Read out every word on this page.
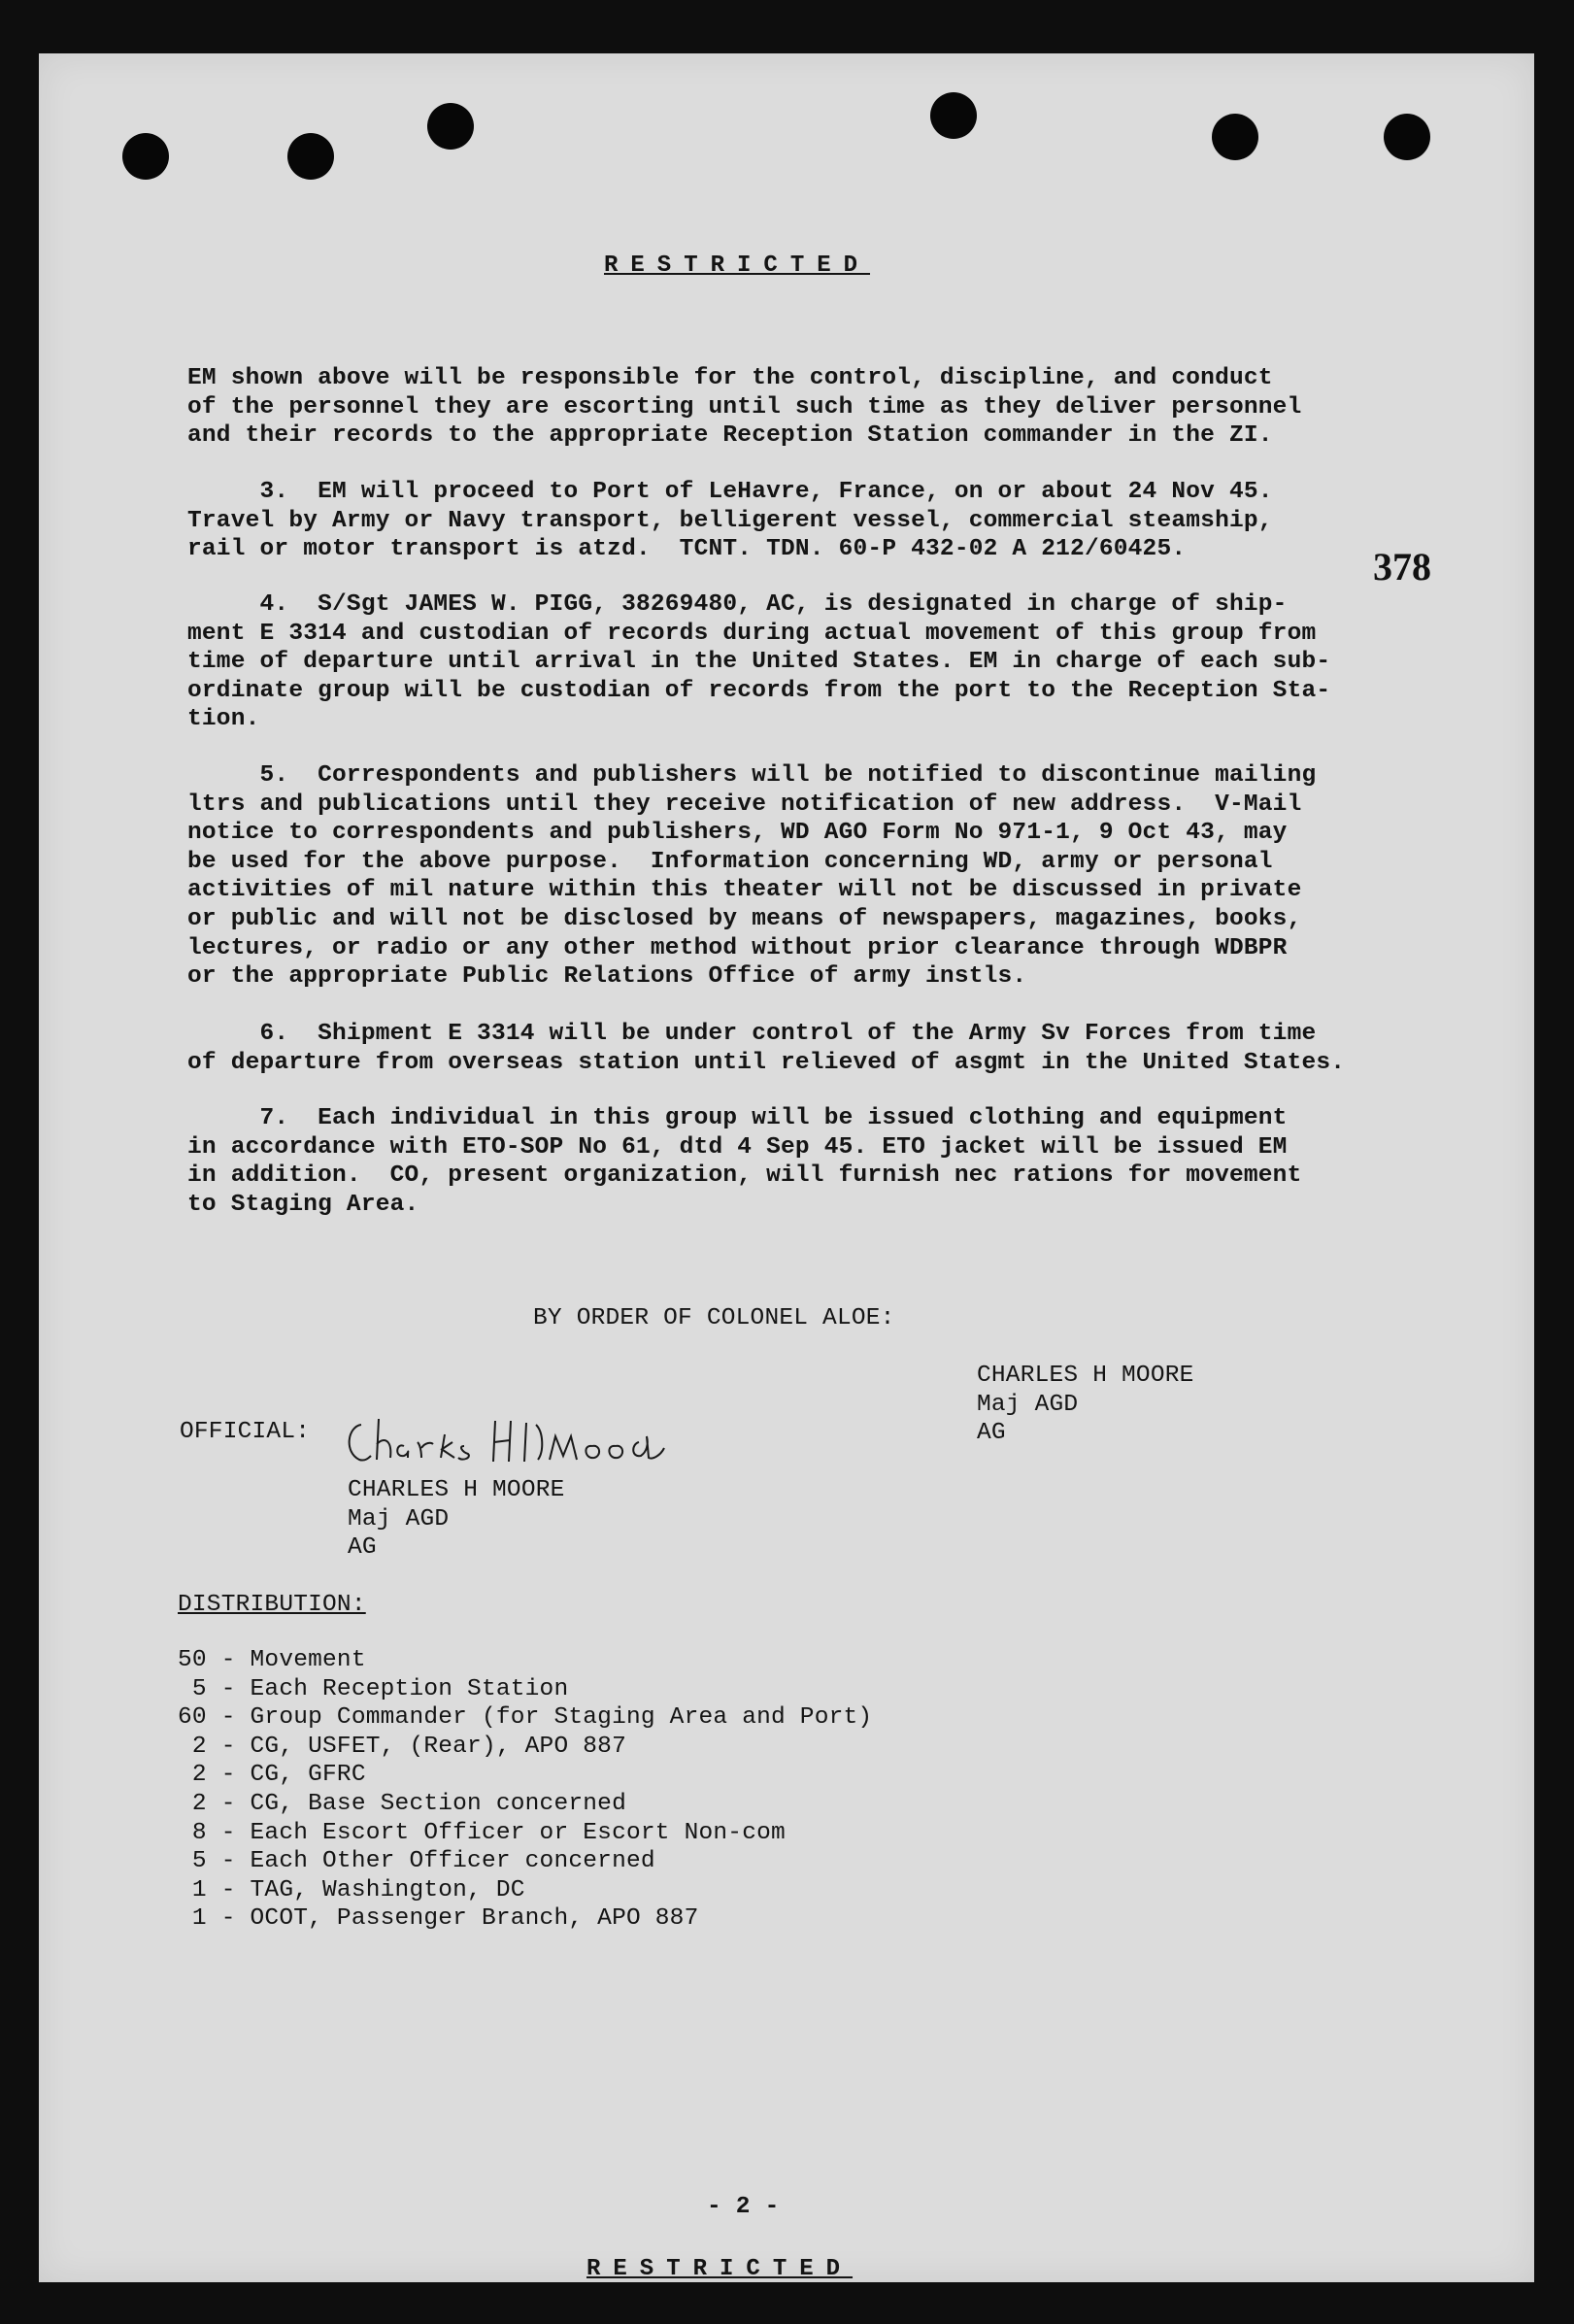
RESTRICTED
378
EM shown above will be responsible for the control, discipline, and conduct
of the personnel they are escorting until such time as they deliver personnel
and their records to the appropriate Reception Station commander in the ZI.
3.  EM will proceed to Port of LeHavre, France, on or about 24 Nov 45.
Travel by Army or Navy transport, belligerent vessel, commercial steamship,
rail or motor transport is atzd.  TCNT. TDN. 60-P 432-02 A 212/60425.
4.  S/Sgt JAMES W. PIGG, 38269480, AC, is designated in charge of ship-
ment E 3314 and custodian of records during actual movement of this group from
time of departure until arrival in the United States. EM in charge of each sub-
ordinate group will be custodian of records from the port to the Reception Sta-
tion.
5.  Correspondents and publishers will be notified to discontinue mailing
ltrs and publications until they receive notification of new address.  V-Mail
notice to correspondents and publishers, WD AGO Form No 971-1, 9 Oct 43, may
be used for the above purpose.  Information concerning WD, army or personal
activities of mil nature within this theater will not be discussed in private
or public and will not be disclosed by means of newspapers, magazines, books,
lectures, or radio or any other method without prior clearance through WDBPR
or the appropriate Public Relations Office of army instls.
6.  Shipment E 3314 will be under control of the Army Sv Forces from time
of departure from overseas station until relieved of asgmt in the United States.
7.  Each individual in this group will be issued clothing and equipment
in accordance with ETO-SOP No 61, dtd 4 Sep 45. ETO jacket will be issued EM
in addition.  CO, present organization, will furnish nec rations for movement
to Staging Area.
BY ORDER OF COLONEL ALOE:
CHARLES H MOORE
Maj AGD
AG
OFFICIAL:
CHARLES H MOORE
Maj AGD
AG
DISTRIBUTION:
50 - Movement
5 - Each Reception Station
60 - Group Commander (for Staging Area and Port)
2 - CG, USFET, (Rear), APO 887
2 - CG, GFRC
2 - CG, Base Section concerned
8 - Each Escort Officer or Escort Non-com
5 - Each Other Officer concerned
1 - TAG, Washington, DC
1 - OCOT, Passenger Branch, APO 887
- 2 -
RESTRICTED
